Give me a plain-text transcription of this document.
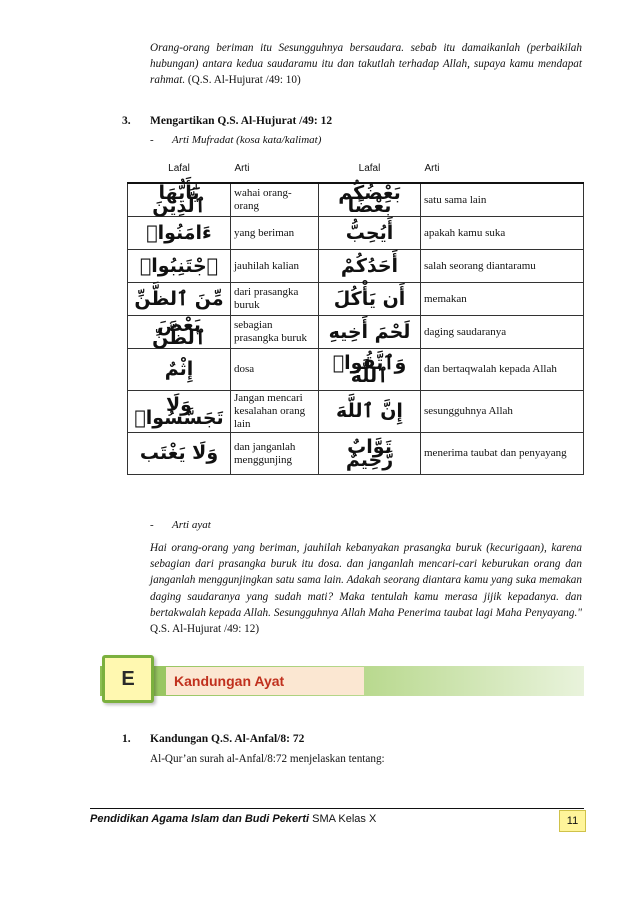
Orang-orang beriman itu Sesungguhnya bersaudara. sebab itu damaikanlah (perbaikilah hubungan) antara kedua saudaramu itu dan takutlah terhadap Allah, supaya kamu mendapat rahmat. (Q.S. Al-Hujurat /49: 10)
3. Mengartikan Q.S. Al-Hujurat /49: 12
- Arti Mufradat (kosa kata/kalimat)
Lafal	Arti	Lafal	Arti
يَٰٓأَيُّهَا ٱلَّذِينَ	wahai orang-orang	بَعْضُكُم بَعْضًا	satu sama lain
ءَامَنُوا۟	yang beriman	أَيُحِبُّ	apakah kamu suka
ٱجْتَنِبُوا۟	jauhilah kalian	أَحَدُكُمْ	salah seorang diantaramu
مِّنَ ٱلظَّنِّ	dari prasangka buruk	أَن يَأْكُلَ	memakan
بَعْضَ ٱلظَّنِّ	sebagian prasangka buruk	لَحْمَ أَخِيهِ	daging saudaranya
إِثْمٌ	dosa	وَٱتَّقُوا۟ ٱللَّهَ	dan bertaqwalah kepada Allah
وَلَا تَجَسَّسُوا۟	Jangan mencari kesalahan orang lain	إِنَّ ٱللَّهَ	sesungguhnya Allah
وَلَا يَغْتَب	dan janganlah menggunjing	تَوَّابٌ رَّحِيمٌ	menerima taubat dan penyayang
- Arti ayat
Hai orang-orang yang beriman, jauhilah kebanyakan prasangka buruk (kecurigaan), karena sebagian dari prasangka buruk itu dosa. dan janganlah mencari-cari keburukan orang dan janganlah menggunjingkan satu sama lain. Adakah seorang diantara kamu yang suka memakan daging saudaranya yang sudah mati? Maka tentulah kamu merasa jijik kepadanya. dan bertakwalah kepada Allah. Sesungguhnya Allah Maha Penerima taubat lagi Maha Penyayang." Q.S. Al-Hujurat /49: 12)
E	Kandungan Ayat
1. Kandungan Q.S. Al-Anfal/8: 72
Al-Qur’an surah al-Anfal/8:72 menjelaskan tentang:
Pendidikan Agama Islam dan Budi Pekerti SMA Kelas X	11
